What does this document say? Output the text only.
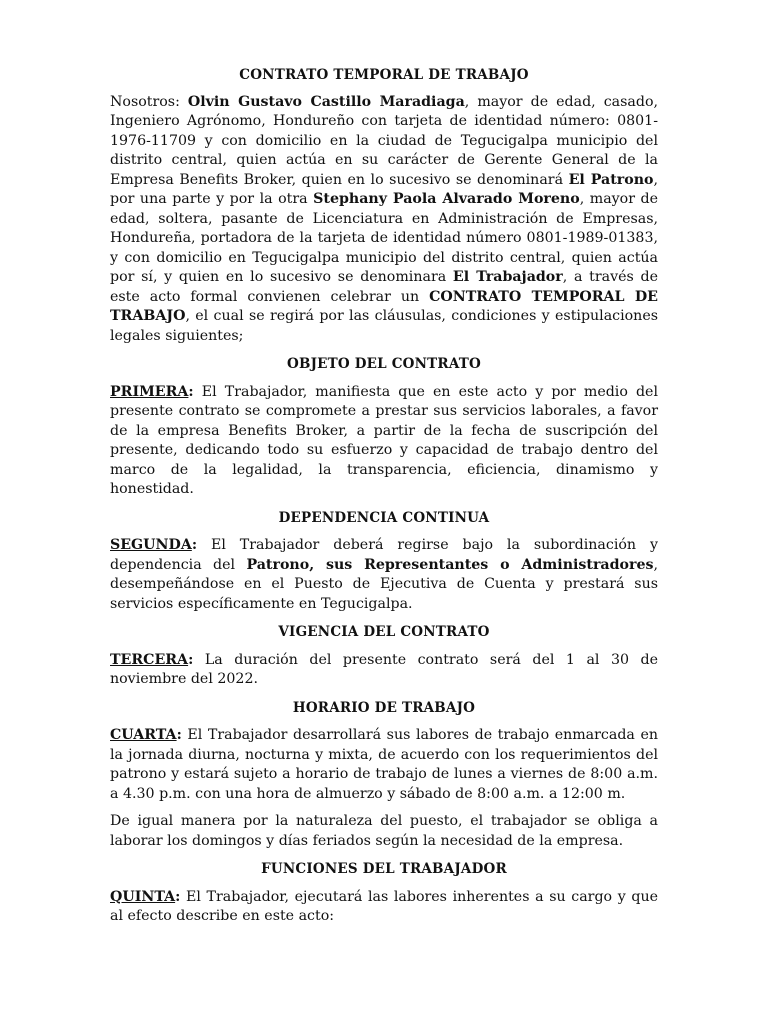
CONTRATO TEMPORAL DE TRABAJO

Nosotros: Olvin Gustavo Castillo Maradiaga, mayor de edad, casado, Ingeniero Agrónomo, Hondureño con tarjeta de identidad número: 0801-1976-11709 y con domicilio en la ciudad de Tegucigalpa municipio del distrito central, quien actúa en su carácter de Gerente General de la Empresa Benefits Broker, quien en lo sucesivo se denominará El Patrono, por una parte y por la otra Stephany Paola Alvarado Moreno, mayor de edad, soltera, pasante de Licenciatura en Administración de Empresas, Hondureña, portadora de la tarjeta de identidad número 0801-1989-01383, y con domicilio en Tegucigalpa municipio del distrito central, quien actúa por sí, y quien en lo sucesivo se denominara El Trabajador, a través de este acto formal convienen celebrar un CONTRATO TEMPORAL DE TRABAJO, el cual se regirá por las cláusulas, condiciones y estipulaciones legales siguientes;

OBJETO DEL CONTRATO

PRIMERA: El Trabajador, manifiesta que en este acto y por medio del presente contrato se compromete a prestar sus servicios laborales, a favor de la empresa Benefits Broker, a partir de la fecha de suscripción del presente, dedicando todo su esfuerzo y capacidad de trabajo dentro del marco de la legalidad, la transparencia, eficiencia, dinamismo y honestidad.

DEPENDENCIA CONTINUA

SEGUNDA: El Trabajador deberá regirse bajo la subordinación y dependencia del Patrono, sus Representantes o Administradores, desempeñándose en el Puesto de Ejecutiva de Cuenta y prestará sus servicios específicamente en Tegucigalpa.

VIGENCIA DEL CONTRATO

TERCERA: La duración del presente contrato será del 1 al 30 de noviembre del 2022.

HORARIO DE TRABAJO

CUARTA: El Trabajador desarrollará sus labores de trabajo enmarcada en la jornada diurna, nocturna y mixta, de acuerdo con los requerimientos del patrono y estará sujeto a horario de trabajo de lunes a viernes de 8:00 a.m. a 4.30 p.m. con una hora de almuerzo y sábado de 8:00 a.m. a 12:00 m.

De igual manera por la naturaleza del puesto, el trabajador se obliga a laborar los domingos y días feriados según la necesidad de la empresa.

FUNCIONES DEL TRABAJADOR

QUINTA: El Trabajador, ejecutará las labores inherentes a su cargo y que al efecto describe en este acto:
